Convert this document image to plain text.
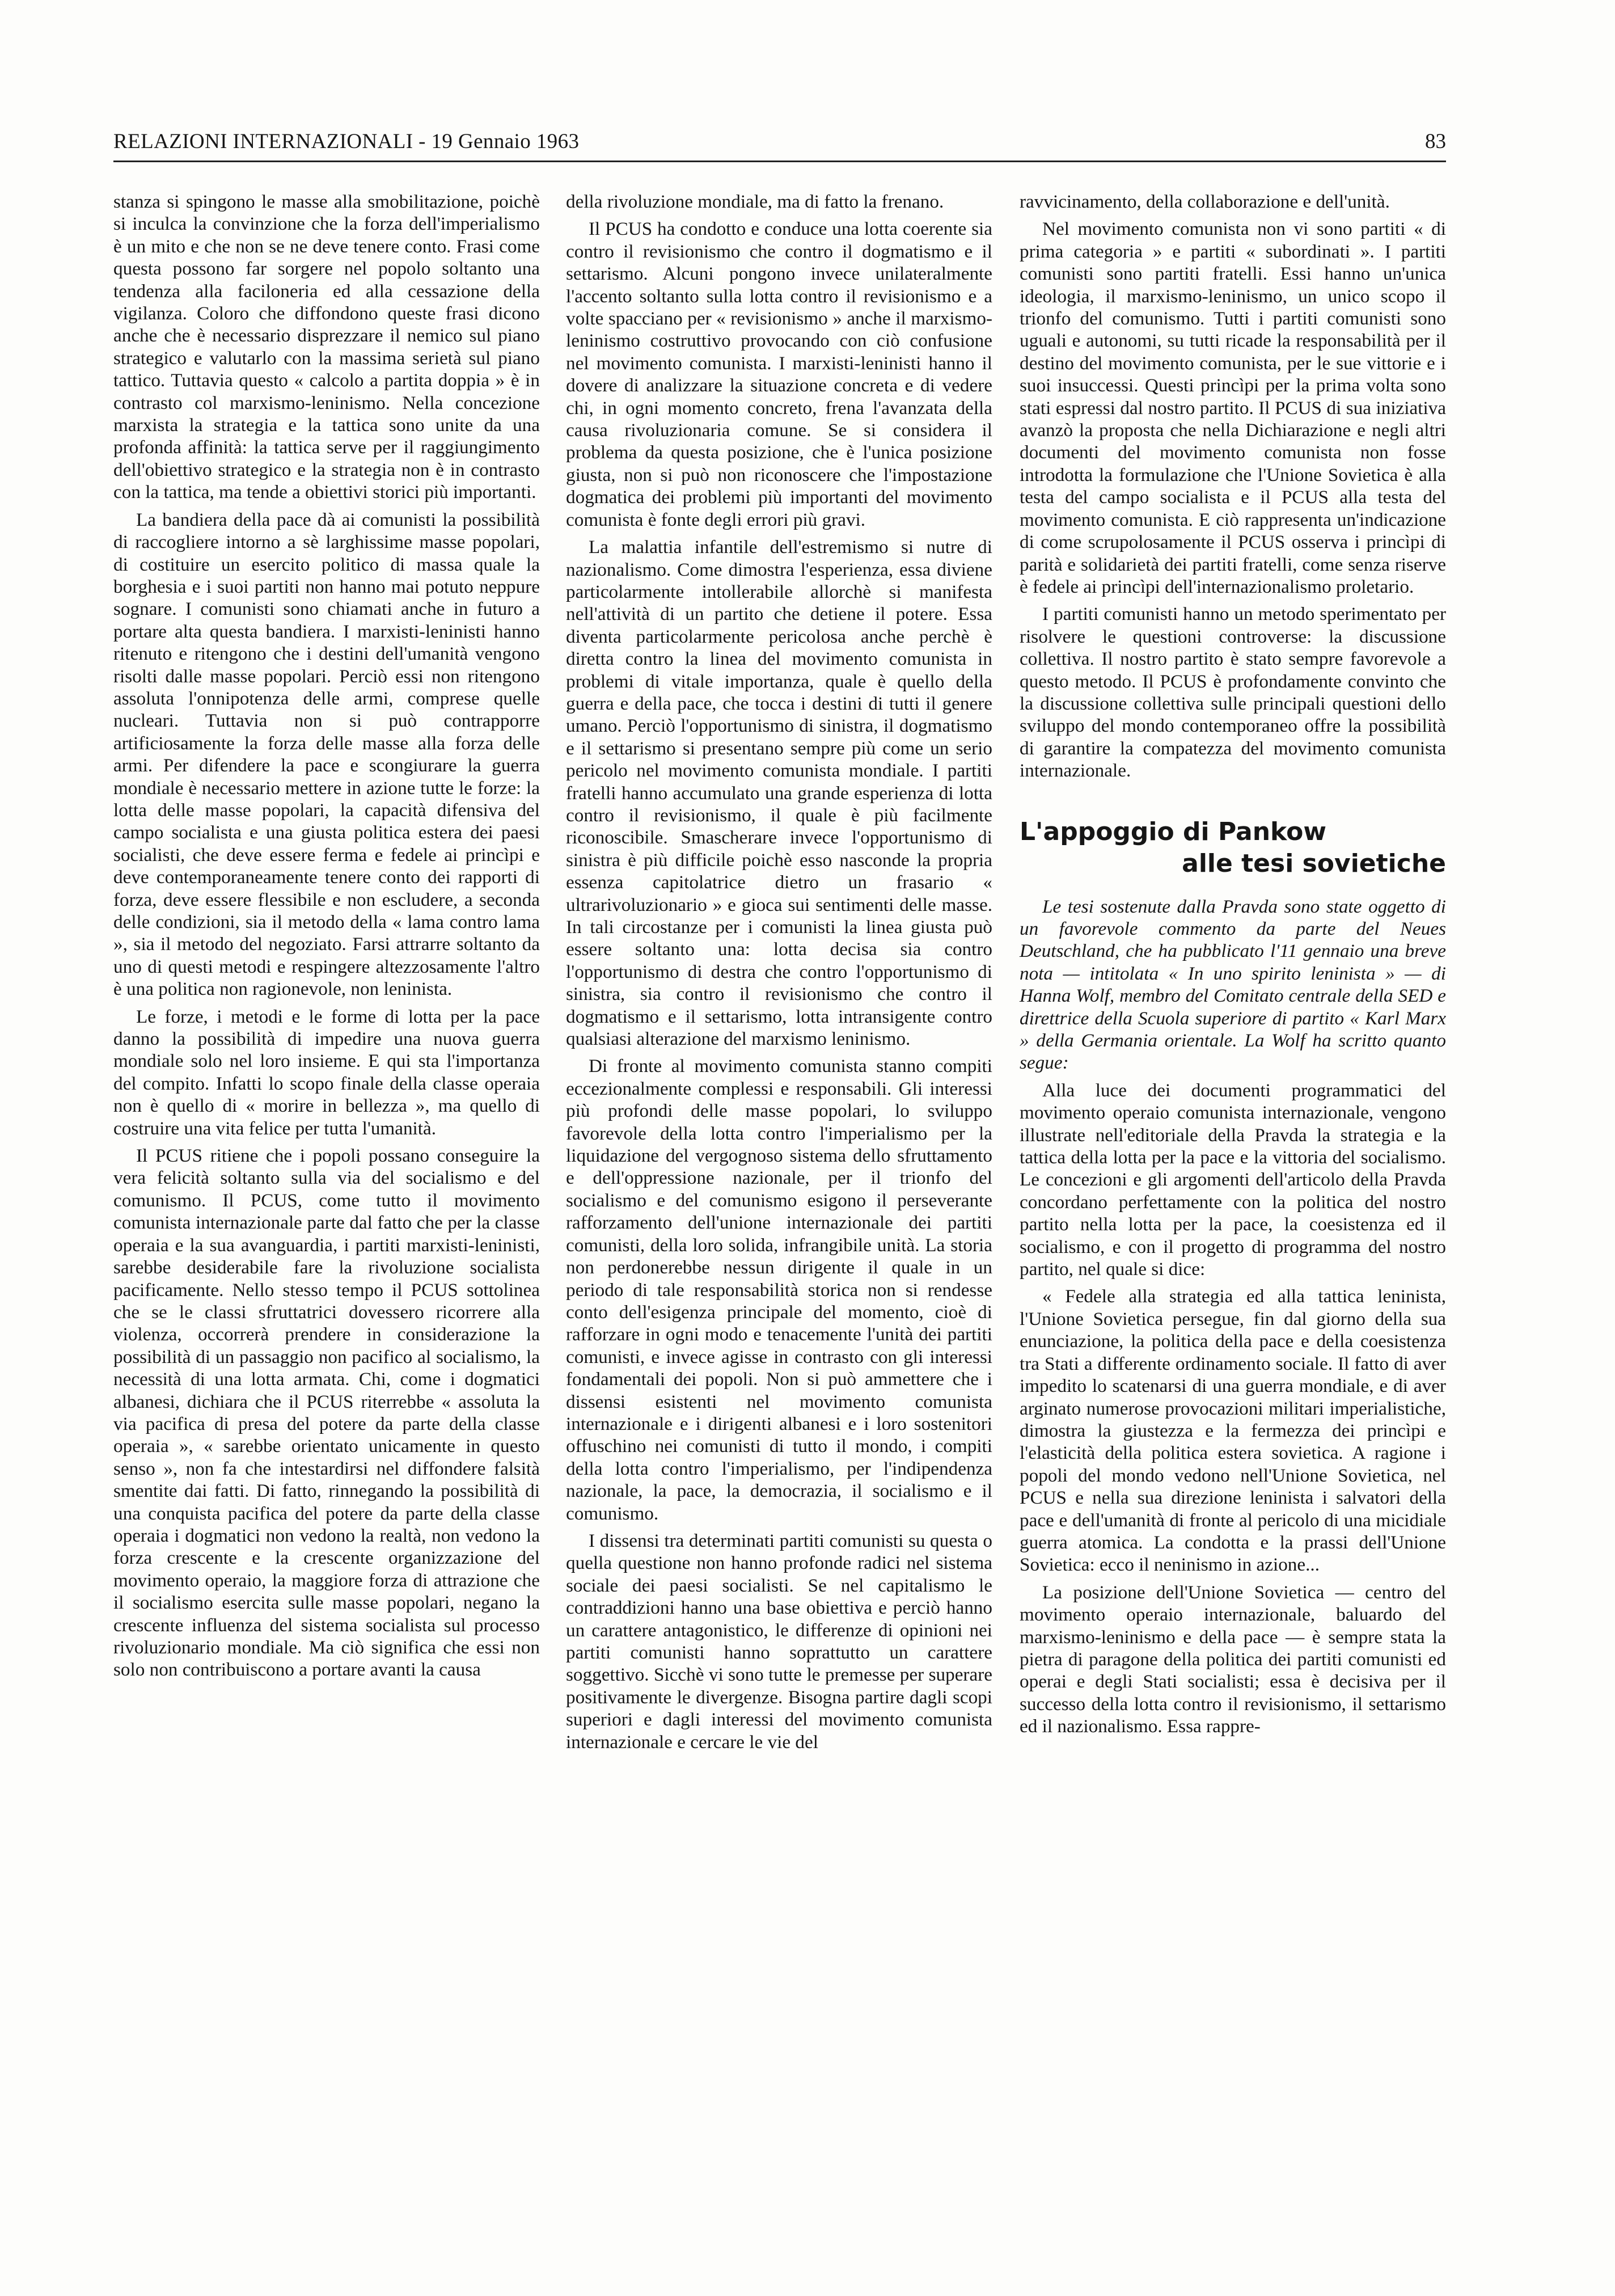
RELAZIONI INTERNAZIONALI - 19 Gennaio 1963	83

stanza si spingono le masse alla smobilitazione, poichè si inculca la convinzione che la forza dell'imperialismo è un mito e che non se ne deve tenere conto. Frasi come questa possono far sorgere nel popolo soltanto una tendenza alla faciloneria ed alla cessazione della vigilanza. Coloro che diffondono queste frasi dicono anche che è necessario disprezzare il nemico sul piano strategico e valutarlo con la massima serietà sul piano tattico. Tuttavia questo « calcolo a partita doppia » è in contrasto col marxismo-leninismo. Nella concezione marxista la strategia e la tattica sono unite da una profonda affinità: la tattica serve per il raggiungimento dell'obiettivo strategico e la strategia non è in contrasto con la tattica, ma tende a obiettivi storici più importanti.

La bandiera della pace dà ai comunisti la possibilità di raccogliere intorno a sè larghissime masse popolari, di costituire un esercito politico di massa quale la borghesia e i suoi partiti non hanno mai potuto neppure sognare. I comunisti sono chiamati anche in futuro a portare alta questa bandiera. I marxisti-leninisti hanno ritenuto e ritengono che i destini dell'umanità vengono risolti dalle masse popolari. Perciò essi non ritengono assoluta l'onnipotenza delle armi, comprese quelle nucleari. Tuttavia non si può contrapporre artificiosamente la forza delle masse alla forza delle armi. Per difendere la pace e scongiurare la guerra mondiale è necessario mettere in azione tutte le forze: la lotta delle masse popolari, la capacità difensiva del campo socialista e una giusta politica estera dei paesi socialisti, che deve essere ferma e fedele ai princìpi e deve contemporaneamente tenere conto dei rapporti di forza, deve essere flessibile e non escludere, a seconda delle condizioni, sia il metodo della « lama contro lama », sia il metodo del negoziato. Farsi attrarre soltanto da uno di questi metodi e respingere altezzosamente l'altro è una politica non ragionevole, non leninista.

Le forze, i metodi e le forme di lotta per la pace danno la possibilità di impedire una nuova guerra mondiale solo nel loro insieme. E qui sta l'importanza del compito. Infatti lo scopo finale della classe operaia non è quello di « morire in bellezza », ma quello di costruire una vita felice per tutta l'umanità.

Il PCUS ritiene che i popoli possano conseguire la vera felicità soltanto sulla via del socialismo e del comunismo. Il PCUS, come tutto il movimento comunista internazionale parte dal fatto che per la classe operaia e la sua avanguardia, i partiti marxisti-leninisti, sarebbe desiderabile fare la rivoluzione socialista pacificamente. Nello stesso tempo il PCUS sottolinea che se le classi sfruttatrici dovessero ricorrere alla violenza, occorrerà prendere in considerazione la possibilità di un passaggio non pacifico al socialismo, la necessità di una lotta armata. Chi, come i dogmatici albanesi, dichiara che il PCUS riterrebbe « assoluta la via pacifica di presa del potere da parte della classe operaia », « sarebbe orientato unicamente in questo senso », non fa che intestardirsi nel diffondere falsità smentite dai fatti. Di fatto, rinnegando la possibilità di una conquista pacifica del potere da parte della classe operaia i dogmatici non vedono la realtà, non vedono la forza crescente e la crescente organizzazione del movimento operaio, la maggiore forza di attrazione che il socialismo esercita sulle masse popolari, negano la crescente influenza del sistema socialista sul processo rivoluzionario mondiale. Ma ciò significa che essi non solo non contribuiscono a portare avanti la causa

della rivoluzione mondiale, ma di fatto la frenano.

Il PCUS ha condotto e conduce una lotta coerente sia contro il revisionismo che contro il dogmatismo e il settarismo. Alcuni pongono invece unilateralmente l'accento soltanto sulla lotta contro il revisionismo e a volte spacciano per « revisionismo » anche il marxismo-leninismo costruttivo provocando con ciò confusione nel movimento comunista. I marxisti-leninisti hanno il dovere di analizzare la situazione concreta e di vedere chi, in ogni momento concreto, frena l'avanzata della causa rivoluzionaria comune. Se si considera il problema da questa posizione, che è l'unica posizione giusta, non si può non riconoscere che l'impostazione dogmatica dei problemi più importanti del movimento comunista è fonte degli errori più gravi.

La malattia infantile dell'estremismo si nutre di nazionalismo. Come dimostra l'esperienza, essa diviene particolarmente intollerabile allorchè si manifesta nell'attività di un partito che detiene il potere. Essa diventa particolarmente pericolosa anche perchè è diretta contro la linea del movimento comunista in problemi di vitale importanza, quale è quello della guerra e della pace, che tocca i destini di tutti il genere umano. Perciò l'opportunismo di sinistra, il dogmatismo e il settarismo si presentano sempre più come un serio pericolo nel movimento comunista mondiale. I partiti fratelli hanno accumulato una grande esperienza di lotta contro il revisionismo, il quale è più facilmente riconoscibile. Smascherare invece l'opportunismo di sinistra è più difficile poichè esso nasconde la propria essenza capitolatrice dietro un frasario « ultrarivoluzionario » e gioca sui sentimenti delle masse. In tali circostanze per i comunisti la linea giusta può essere soltanto una: lotta decisa sia contro l'opportunismo di destra che contro l'opportunismo di sinistra, sia contro il revisionismo che contro il dogmatismo e il settarismo, lotta intransigente contro qualsiasi alterazione del marxismo leninismo.

Di fronte al movimento comunista stanno compiti eccezionalmente complessi e responsabili. Gli interessi più profondi delle masse popolari, lo sviluppo favorevole della lotta contro l'imperialismo per la liquidazione del vergognoso sistema dello sfruttamento e dell'oppressione nazionale, per il trionfo del socialismo e del comunismo esigono il perseverante rafforzamento dell'unione internazionale dei partiti comunisti, della loro solida, infrangibile unità. La storia non perdonerebbe nessun dirigente il quale in un periodo di tale responsabilità storica non si rendesse conto dell'esigenza principale del momento, cioè di rafforzare in ogni modo e tenacemente l'unità dei partiti comunisti, e invece agisse in contrasto con gli interessi fondamentali dei popoli. Non si può ammettere che i dissensi esistenti nel movimento comunista internazionale e i dirigenti albanesi e i loro sostenitori offuschino nei comunisti di tutto il mondo, i compiti della lotta contro l'imperialismo, per l'indipendenza nazionale, la pace, la democrazia, il socialismo e il comunismo.

I dissensi tra determinati partiti comunisti su questa o quella questione non hanno profonde radici nel sistema sociale dei paesi socialisti. Se nel capitalismo le contraddizioni hanno una base obiettiva e perciò hanno un carattere antagonistico, le differenze di opinioni nei partiti comunisti hanno soprattutto un carattere soggettivo. Sicchè vi sono tutte le premesse per superare positivamente le divergenze. Bisogna partire dagli scopi superiori e dagli interessi del movimento comunista internazionale e cercare le vie del

ravvicinamento, della collaborazione e dell'unità.

Nel movimento comunista non vi sono partiti « di prima categoria » e partiti « subordinati ». I partiti comunisti sono partiti fratelli. Essi hanno un'unica ideologia, il marxismo-leninismo, un unico scopo il trionfo del comunismo. Tutti i partiti comunisti sono uguali e autonomi, su tutti ricade la responsabilità per il destino del movimento comunista, per le sue vittorie e i suoi insuccessi. Questi princìpi per la prima volta sono stati espressi dal nostro partito. Il PCUS di sua iniziativa avanzò la proposta che nella Dichiarazione e negli altri documenti del movimento comunista non fosse introdotta la formulazione che l'Unione Sovietica è alla testa del campo socialista e il PCUS alla testa del movimento comunista. E ciò rappresenta un'indicazione di come scrupolosamente il PCUS osserva i princìpi di parità e solidarietà dei partiti fratelli, come senza riserve è fedele ai princìpi dell'internazionalismo proletario.

I partiti comunisti hanno un metodo sperimentato per risolvere le questioni controverse: la discussione collettiva. Il nostro partito è stato sempre favorevole a questo metodo. Il PCUS è profondamente convinto che la discussione collettiva sulle principali questioni dello sviluppo del mondo contemporaneo offre la possibilità di garantire la compatezza del movimento comunista internazionale.

L'appoggio di Pankow
alle tesi sovietiche

Le tesi sostenute dalla Pravda sono state oggetto di un favorevole commento da parte del Neues Deutschland, che ha pubblicato l'11 gennaio una breve nota — intitolata « In uno spirito leninista » — di Hanna Wolf, membro del Comitato centrale della SED e direttrice della Scuola superiore di partito « Karl Marx » della Germania orientale. La Wolf ha scritto quanto segue:

Alla luce dei documenti programmatici del movimento operaio comunista internazionale, vengono illustrate nell'editoriale della Pravda la strategia e la tattica della lotta per la pace e la vittoria del socialismo. Le concezioni e gli argomenti dell'articolo della Pravda concordano perfettamente con la politica del nostro partito nella lotta per la pace, la coesistenza ed il socialismo, e con il progetto di programma del nostro partito, nel quale si dice:

« Fedele alla strategia ed alla tattica leninista, l'Unione Sovietica persegue, fin dal giorno della sua enunciazione, la politica della pace e della coesistenza tra Stati a differente ordinamento sociale. Il fatto di aver impedito lo scatenarsi di una guerra mondiale, e di aver arginato numerose provocazioni militari imperialistiche, dimostra la giustezza e la fermezza dei princìpi e l'elasticità della politica estera sovietica. A ragione i popoli del mondo vedono nell'Unione Sovietica, nel PCUS e nella sua direzione leninista i salvatori della pace e dell'umanità di fronte al pericolo di una micidiale guerra atomica. La condotta e la prassi dell'Unione Sovietica: ecco il neninismo in azione...

La posizione dell'Unione Sovietica — centro del movimento operaio internazionale, baluardo del marxismo-leninismo e della pace — è sempre stata la pietra di paragone della politica dei partiti comunisti ed operai e degli Stati socialisti; essa è decisiva per il successo della lotta contro il revisionismo, il settarismo ed il nazionalismo. Essa rappre-
